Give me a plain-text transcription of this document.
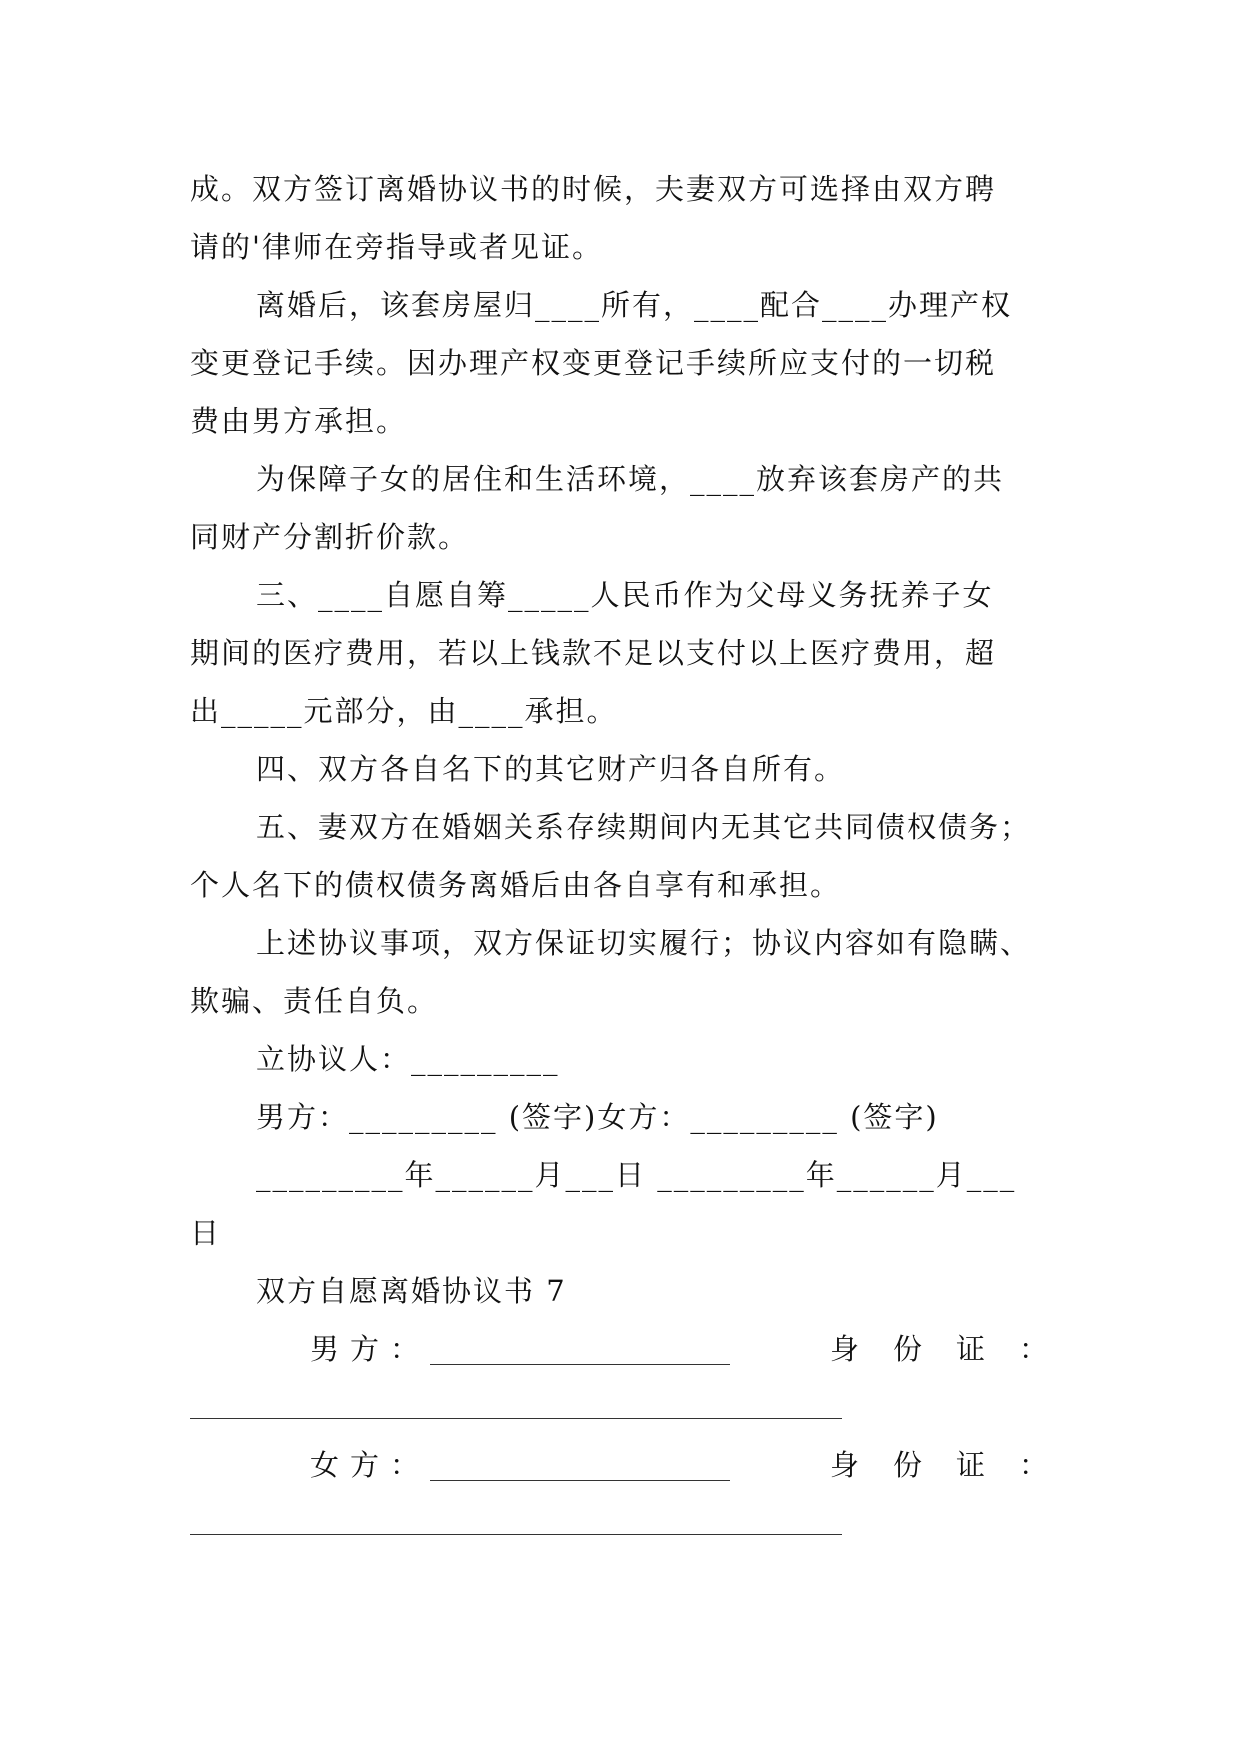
成。双方签订离婚协议书的时候，夫妻双方可选择由双方聘
请的'律师在旁指导或者见证。
离婚后，该套房屋归____所有，____配合____办理产权
变更登记手续。因办理产权变更登记手续所应支付的一切税
费由男方承担。
为保障子女的居住和生活环境，____放弃该套房产的共
同财产分割折价款。
三、____自愿自筹_____人民币作为父母义务抚养子女
期间的医疗费用，若以上钱款不足以支付以上医疗费用，超
出_____元部分，由____承担。
四、双方各自名下的其它财产归各自所有。
五、妻双方在婚姻关系存续期间内无其它共同债权债务；
个人名下的债权债务离婚后由各自享有和承担。
上述协议事项，双方保证切实履行；协议内容如有隐瞒、
欺骗、责任自负。
立协议人：_________
男方：_________ (签字)女方：_________ (签字)
_________年______月___日 _________年______月___
日
双方自愿离婚协议书 7
男 方 ：	身 份 证 ：
女 方 ：	身 份 证 ：
